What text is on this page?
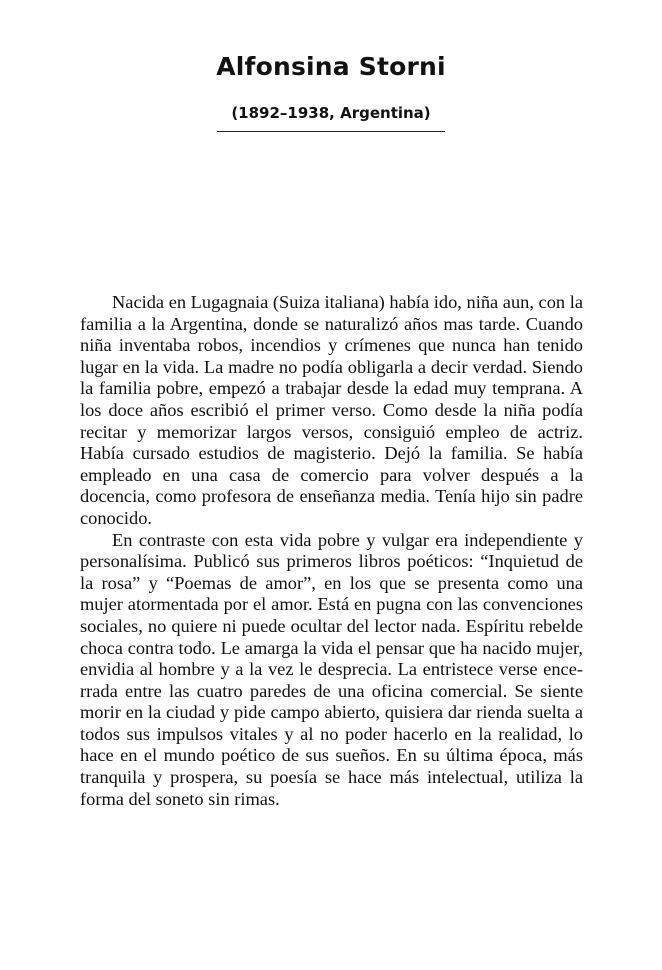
Alfonsina Storni
(1892–1938, Argentina)

Nacida en Lugagnaia (Suiza italiana) había ido, niña aun, con la familia a la Argentina, donde se naturalizó años mas tarde. Cuando niña inventaba robos, incendios y crímenes que nunca han tenido lugar en la vida. La madre no podía obligarla a decir verdad. Siendo la familia pobre, empezó a trabajar desde la edad muy temprana. A los doce años escribió el primer verso. Como desde la niña podía recitar y memorizar largos versos, consiguió empleo de actriz. Había cursado estudios de magisterio. Dejó la familia. Se había empleado en una casa de comercio para volver después a la docencia, como profesora de enseñanza media. Tenía hijo sin padre conocido.

En contraste con esta vida pobre y vulgar era independiente y personalísima. Publicó sus primeros libros poéticos: “Inquietud de la rosa” y “Poemas de amor”, en los que se presenta como una mujer atormentada por el amor. Está en pugna con las convenciones sociales, no quiere ni puede ocultar del lector nada. Espíritu rebelde choca contra todo. Le amarga la vida el pensar que ha nacido mujer, envidia al hombre y a la vez le desprecia. La entristece verse encerrada entre las cuatro paredes de una oficina comercial. Se siente morir en la ciudad y pide campo abierto, quisiera dar rienda suelta a todos sus impulsos vitales y al no poder hacerlo en la realidad, lo hace en el mundo poético de sus sueños. En su última época, más tranquila y prospera, su poesía se hace más intelectual, utiliza la forma del soneto sin rimas.
